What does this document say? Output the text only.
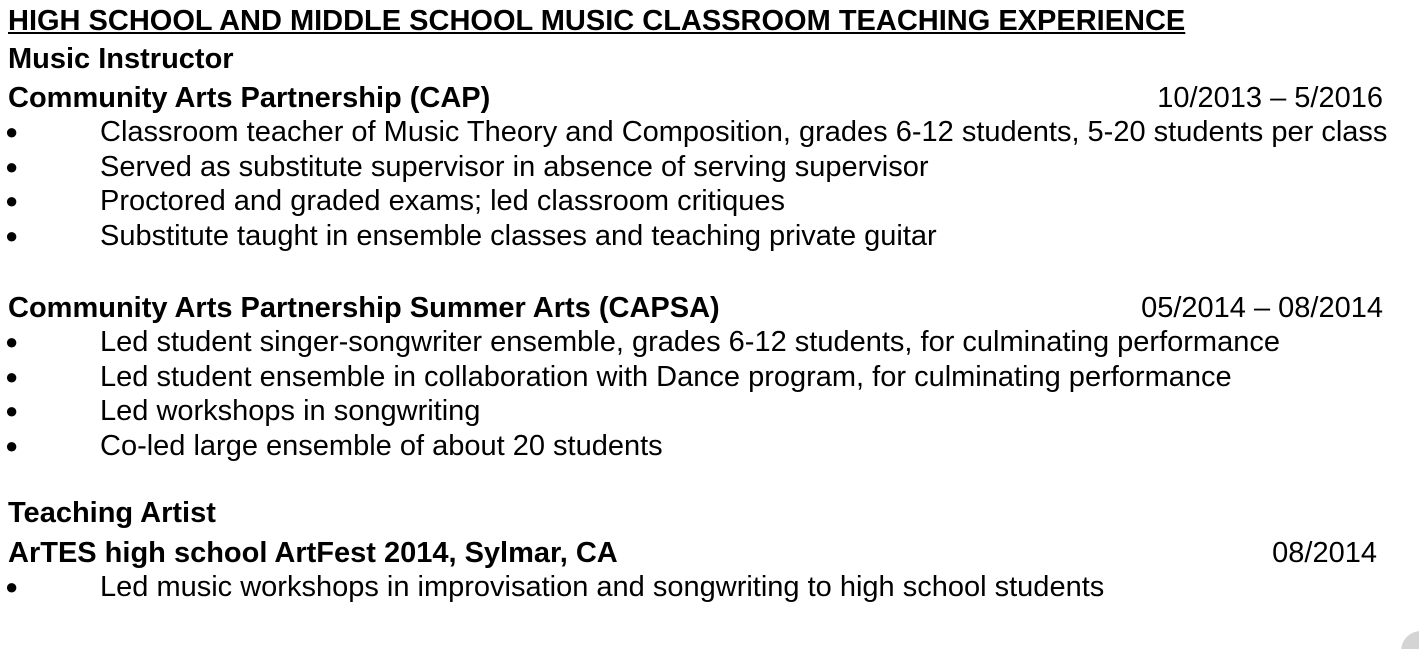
HIGH SCHOOL AND MIDDLE SCHOOL MUSIC CLASSROOM TEACHING EXPERIENCE
Music Instructor
Community Arts Partnership (CAP)	10/2013 – 5/2016
●	Classroom teacher of Music Theory and Composition, grades 6-12 students, 5-20 students per class
●	Served as substitute supervisor in absence of serving supervisor
●	Proctored and graded exams; led classroom critiques
●	Substitute taught in ensemble classes and teaching private guitar
Community Arts Partnership Summer Arts (CAPSA)	05/2014 – 08/2014
●	Led student singer-songwriter ensemble, grades 6-12 students, for culminating performance
●	Led student ensemble in collaboration with Dance program, for culminating performance
●	Led workshops in songwriting
●	Co-led large ensemble of about 20 students
Teaching Artist
ArTES high school ArtFest 2014, Sylmar, CA	08/2014
●	Led music workshops in improvisation and songwriting to high school students
